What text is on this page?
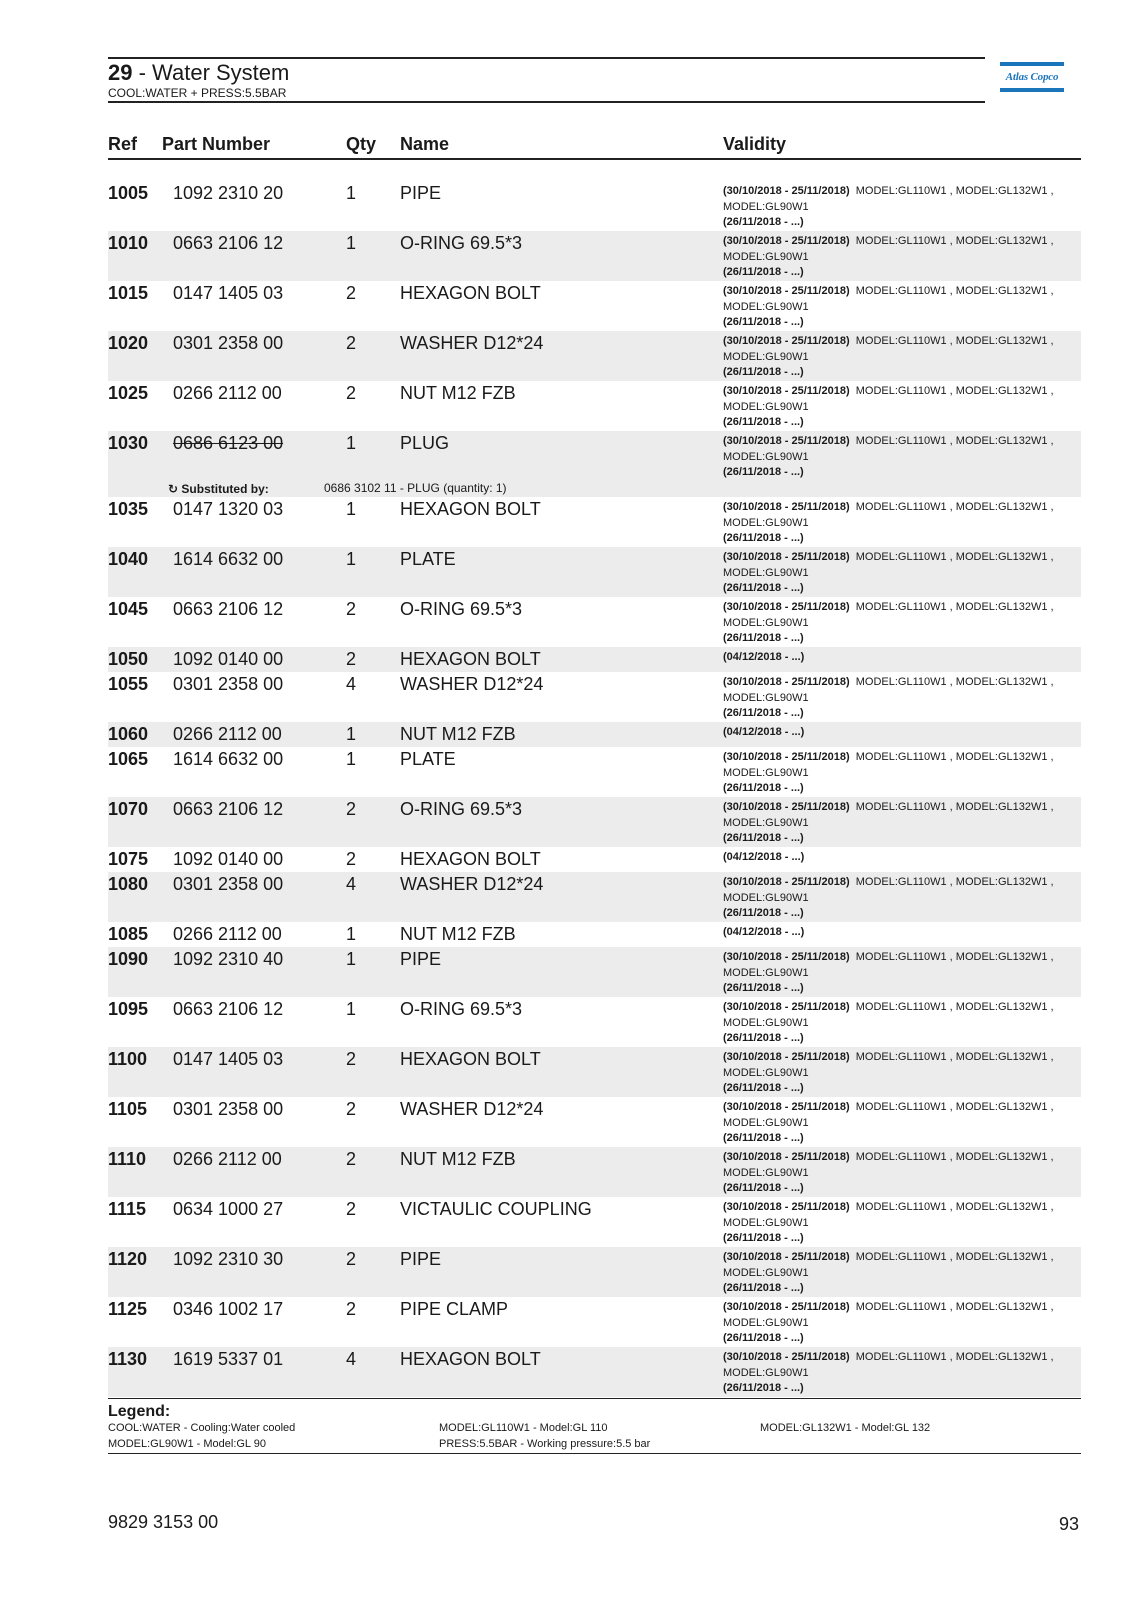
29 - Water System
COOL:WATER + PRESS:5.5BAR
Atlas Copco
Ref Part Number	Qty Name	Validity
1005 1092 2310 20	1 PIPE	(30/10/2018 - 25/11/2018) MODEL:GL110W1 , MODEL:GL132W1 ,
MODEL:GL90W1
(26/11/2018 - ...)
1010 0663 2106 12	1 O-RING 69.5*3	(30/10/2018 - 25/11/2018) MODEL:GL110W1 , MODEL:GL132W1 ,
MODEL:GL90W1
(26/11/2018 - ...)
1015 0147 1405 03	2 HEXAGON BOLT	(30/10/2018 - 25/11/2018) MODEL:GL110W1 , MODEL:GL132W1 ,
MODEL:GL90W1
(26/11/2018 - ...)
1020 0301 2358 00	2 WASHER D12*24	(30/10/2018 - 25/11/2018) MODEL:GL110W1 , MODEL:GL132W1 ,
MODEL:GL90W1
(26/11/2018 - ...)
1025 0266 2112 00	2 NUT M12 FZB	(30/10/2018 - 25/11/2018) MODEL:GL110W1 , MODEL:GL132W1 ,
MODEL:GL90W1
(26/11/2018 - ...)
1030 0686 6123 00	1 PLUG	(30/10/2018 - 25/11/2018) MODEL:GL110W1 , MODEL:GL132W1 ,
MODEL:GL90W1
(26/11/2018 - ...)
↻ Substituted by:	0686 3102 11 - PLUG (quantity: 1)
1035 0147 1320 03	1 HEXAGON BOLT	(30/10/2018 - 25/11/2018) MODEL:GL110W1 , MODEL:GL132W1 ,
MODEL:GL90W1
(26/11/2018 - ...)
1040 1614 6632 00	1 PLATE	(30/10/2018 - 25/11/2018) MODEL:GL110W1 , MODEL:GL132W1 ,
MODEL:GL90W1
(26/11/2018 - ...)
1045 0663 2106 12	2 O-RING 69.5*3	(30/10/2018 - 25/11/2018) MODEL:GL110W1 , MODEL:GL132W1 ,
MODEL:GL90W1
(26/11/2018 - ...)
1050 1092 0140 00	2 HEXAGON BOLT	(04/12/2018 - ...)
1055 0301 2358 00	4 WASHER D12*24	(30/10/2018 - 25/11/2018) MODEL:GL110W1 , MODEL:GL132W1 ,
MODEL:GL90W1
(26/11/2018 - ...)
1060 0266 2112 00	1 NUT M12 FZB	(04/12/2018 - ...)
1065 1614 6632 00	1 PLATE	(30/10/2018 - 25/11/2018) MODEL:GL110W1 , MODEL:GL132W1 ,
MODEL:GL90W1
(26/11/2018 - ...)
1070 0663 2106 12	2 O-RING 69.5*3	(30/10/2018 - 25/11/2018) MODEL:GL110W1 , MODEL:GL132W1 ,
MODEL:GL90W1
(26/11/2018 - ...)
1075 1092 0140 00	2 HEXAGON BOLT	(04/12/2018 - ...)
1080 0301 2358 00	4 WASHER D12*24	(30/10/2018 - 25/11/2018) MODEL:GL110W1 , MODEL:GL132W1 ,
MODEL:GL90W1
(26/11/2018 - ...)
1085 0266 2112 00	1 NUT M12 FZB	(04/12/2018 - ...)
1090 1092 2310 40	1 PIPE	(30/10/2018 - 25/11/2018) MODEL:GL110W1 , MODEL:GL132W1 ,
MODEL:GL90W1
(26/11/2018 - ...)
1095 0663 2106 12	1 O-RING 69.5*3	(30/10/2018 - 25/11/2018) MODEL:GL110W1 , MODEL:GL132W1 ,
MODEL:GL90W1
(26/11/2018 - ...)
1100 0147 1405 03	2 HEXAGON BOLT	(30/10/2018 - 25/11/2018) MODEL:GL110W1 , MODEL:GL132W1 ,
MODEL:GL90W1
(26/11/2018 - ...)
1105 0301 2358 00	2 WASHER D12*24	(30/10/2018 - 25/11/2018) MODEL:GL110W1 , MODEL:GL132W1 ,
MODEL:GL90W1
(26/11/2018 - ...)
1110 0266 2112 00	2 NUT M12 FZB	(30/10/2018 - 25/11/2018) MODEL:GL110W1 , MODEL:GL132W1 ,
MODEL:GL90W1
(26/11/2018 - ...)
1115 0634 1000 27	2 VICTAULIC COUPLING	(30/10/2018 - 25/11/2018) MODEL:GL110W1 , MODEL:GL132W1 ,
MODEL:GL90W1
(26/11/2018 - ...)
1120 1092 2310 30	2 PIPE	(30/10/2018 - 25/11/2018) MODEL:GL110W1 , MODEL:GL132W1 ,
MODEL:GL90W1
(26/11/2018 - ...)
1125 0346 1002 17	2 PIPE CLAMP	(30/10/2018 - 25/11/2018) MODEL:GL110W1 , MODEL:GL132W1 ,
MODEL:GL90W1
(26/11/2018 - ...)
1130 1619 5337 01	4 HEXAGON BOLT	(30/10/2018 - 25/11/2018) MODEL:GL110W1 , MODEL:GL132W1 ,
MODEL:GL90W1
(26/11/2018 - ...)
Legend:
COOL:WATER - Cooling:Water cooled
MODEL:GL90W1 - Model:GL 90
MODEL:GL110W1 - Model:GL 110
PRESS:5.5BAR - Working pressure:5.5 bar
MODEL:GL132W1 - Model:GL 132
9829 3153 00	93
